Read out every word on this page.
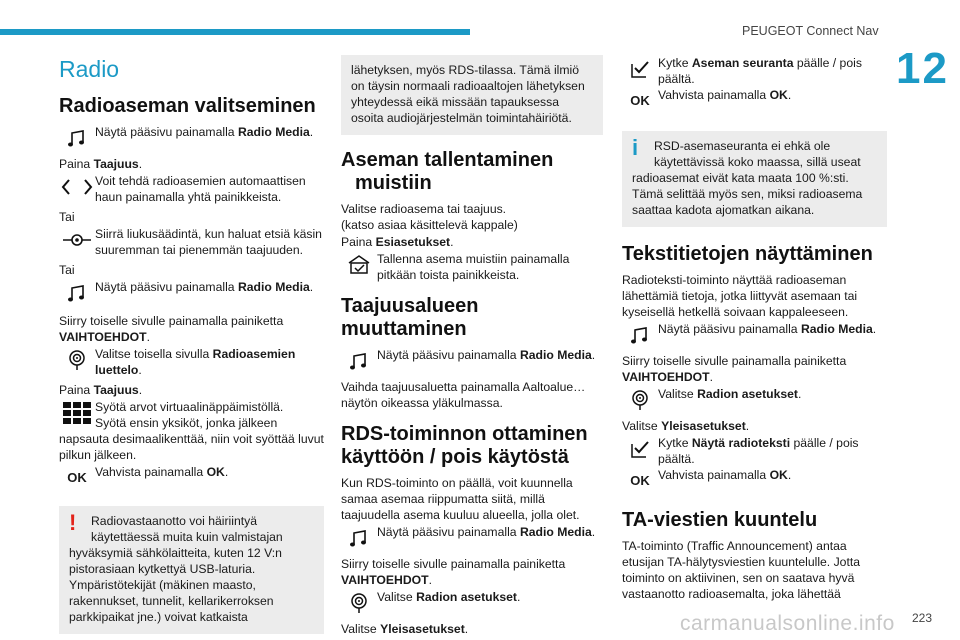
PEUGEOT Connect Nav
12
carmanualsonline.info 223
Radio
Radioaseman valitseminen
Näytä pääsivu painamalla Radio Media.
Paina Taajuus.
Voit tehdä radioasemien automaattisen haun painamalla yhtä painikkeista.
Tai
Siirrä liukusäädintä, kun haluat etsiä käsin suuremman tai pienemmän taajuuden.
Tai
Näytä pääsivu painamalla Radio Media.
Siirry toiselle sivulle painamalla painiketta VAIHTOEHDOT.
Valitse toisella sivulla Radioasemien luettelo.
Paina Taajuus.
Syötä arvot virtuaalinäppäimistöllä.
Syötä ensin yksiköt, jonka jälkeen
napsauta desimaalikenttää, niin voit syöttää luvut pilkun jälkeen.
OK Vahvista painamalla OK.
!	Radiovastaanotto voi häiriintyä käytettäessä muita kuin valmistajan
hyväksymiä sähkölaitteita, kuten 12 V:n pistorasiaan kytkettyä USB-laturia.
Ympäristötekijät (mäkinen maasto, rakennukset, tunnelit, kellarikerroksen parkkipaikat jne.) voivat katkaista
lähetyksen, myös RDS-tilassa. Tämä ilmiö on täysin normaali radioaaltojen lähetyksen yhteydessä eikä missään tapauksessa osoita audiojärjestelmän toimintahäiriötä.
Aseman tallentaminen muistiin
Valitse radioasema tai taajuus.
(katso asiaa käsittelevä kappale)
Paina Esiasetukset.
Tallenna asema muistiin painamalla pitkään toista painikkeista.
Taajuusalueen muuttaminen
Näytä pääsivu painamalla Radio Media.
Vaihda taajuusaluetta painamalla Aaltoalue… näytön oikeassa yläkulmassa.
RDS-toiminnon ottaminen käyttöön / pois käytöstä
Kun RDS-toiminto on päällä, voit kuunnella samaa asemaa riippumatta siitä, millä taajuudella asema kuuluu alueella, jolla olet.
Näytä pääsivu painamalla Radio Media.
Siirry toiselle sivulle painamalla painiketta VAIHTOEHDOT.
Valitse Radion asetukset.
Valitse Yleisasetukset.
Kytke Aseman seuranta päälle / pois päältä.
OK Vahvista painamalla OK.
i	RSD-asemaseuranta ei ehkä ole käytettävissä koko maassa, sillä useat
radioasemat eivät kata maata 100 %:sti. Tämä selittää myös sen, miksi radioasema saattaa kadota ajomatkan aikana.
Tekstitietojen näyttäminen
Radioteksti-toiminto näyttää radioaseman lähettämiä tietoja, jotka liittyvät asemaan tai kyseisellä hetkellä soivaan kappaleeseen.
Näytä pääsivu painamalla Radio Media.
Siirry toiselle sivulle painamalla painiketta VAIHTOEHDOT.
Valitse Radion asetukset.
Valitse Yleisasetukset.
Kytke Näytä radioteksti päälle / pois päältä.
OK Vahvista painamalla OK.
TA-viestien kuuntelu
TA-toiminto (Traffic Announcement) antaa etusijan TA-hälytysviestien kuuntelulle. Jotta toiminto on aktiivinen, sen on saatava hyvä vastaanotto radioasemalta, joka lähettää
